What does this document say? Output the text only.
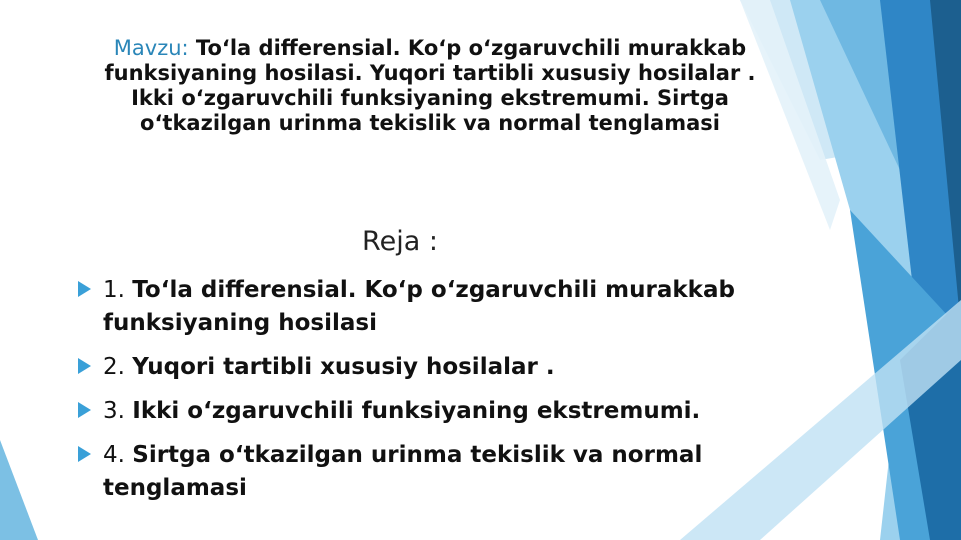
Mavzu: To‘la differensial. Ko‘p o‘zgaruvchili murakkab funksiyaning hosilasi. Yuqori tartibli xususiy hosilalar . Ikki o‘zgaruvchili funksiyaning ekstremumi. Sirtga o‘tkazilgan urinma tekislik va normal tenglamasi
Reja :
1. To‘la differensial. Ko‘p o‘zgaruvchili murakkab funksiyaning hosilasi
2. Yuqori tartibli xususiy hosilalar .
3. Ikki o‘zgaruvchili funksiyaning ekstremumi.
4. Sirtga o‘tkazilgan urinma tekislik va normal tenglamasi
